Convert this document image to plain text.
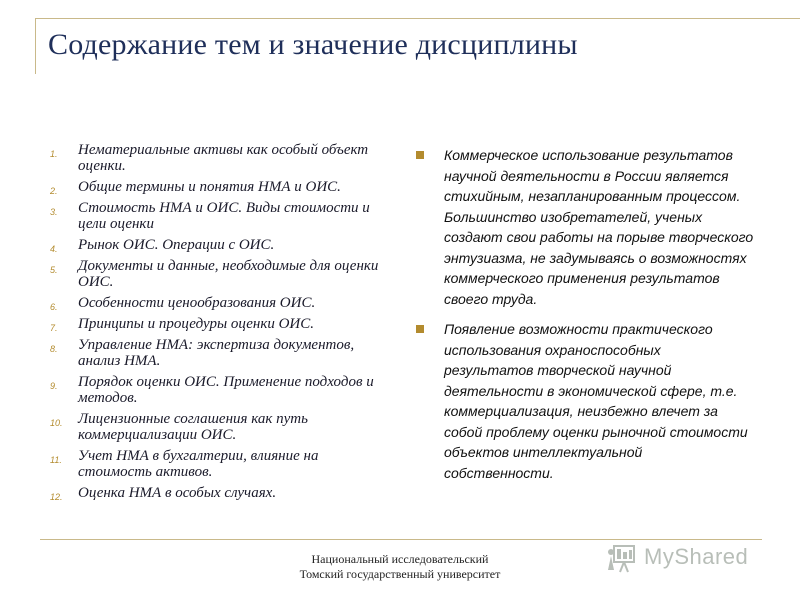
Содержание тем и значение дисциплины
1. Нематериальные активы как особый объект оценки.
2. Общие термины и понятия НМА и ОИС.
3. Стоимость НМА и ОИС. Виды стоимости и цели оценки
4. Рынок ОИС. Операции с ОИС.
5. Документы и данные, необходимые для оценки ОИС.
6. Особенности ценообразования ОИС.
7. Принципы и процедуры оценки ОИС.
8. Управление НМА: экспертиза документов, анализ НМА.
9. Порядок оценки ОИС. Применение подходов и методов.
10. Лицензионные соглашения как путь коммерциализации ОИС.
11. Учет НМА в бухгалтерии, влияние на стоимость активов.
12. Оценка НМА в особых случаях.
Коммерческое использование результатов научной деятельности в России является стихийным, незапланированным процессом. Большинство изобретателей, ученых создают свои работы на порыве творческого энтузиазма, не задумываясь о возможностях коммерческого применения результатов своего труда.
Появление возможности практического использования охраноспособных результатов творческой научной деятельности в экономической сфере, т.е. коммерциализация, неизбежно влечет за собой проблему оценки рыночной стоимости объектов интеллектуальной собственности.
Национальный исследовательский
Томский государственный университет
MyShared
